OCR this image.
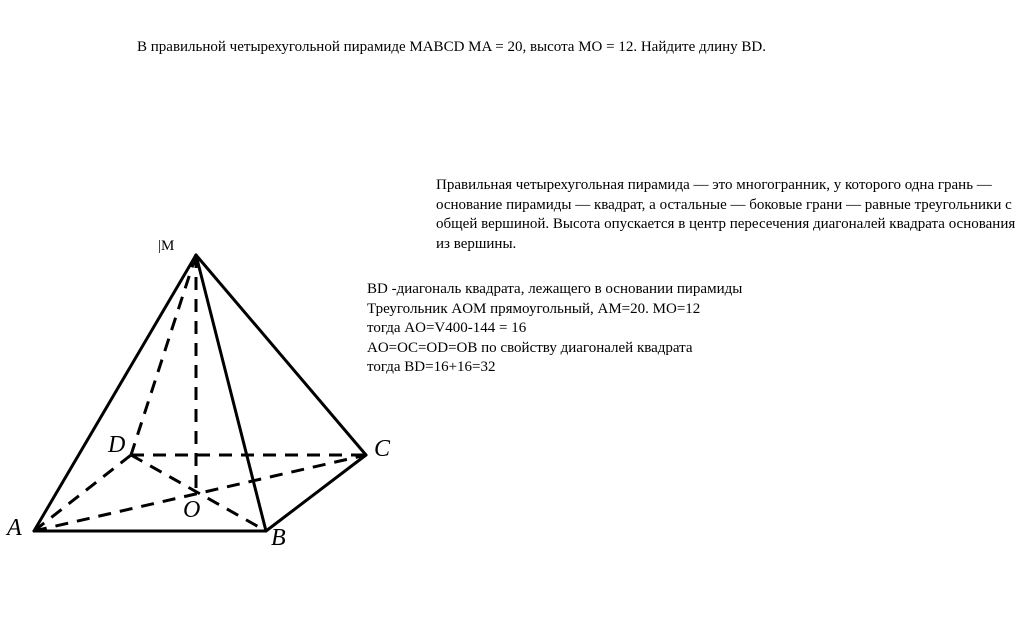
В правильной четырехугольной пирамиде MABCD MA = 20, высота MO = 12. Найдите длину BD.
Правильная четырехугольная пирамида — это многогранник, у которого одна грань — основание пирамиды — квадрат, а остальные — боковые грани — равные треугольники с общей вершиной. Высота опускается в центр пересечения диагоналей квадрата основания из вершины.
BD -диагональ квадрата, лежащего в основании пирамиды
Треугольник AOM прямоугольный, AM=20. MO=12
тогда AO=V400-144 = 16
AO=OC=OD=OB по свойству диагоналей квадрата
тогда BD=16+16=32
|M
A	B
C
D
O
